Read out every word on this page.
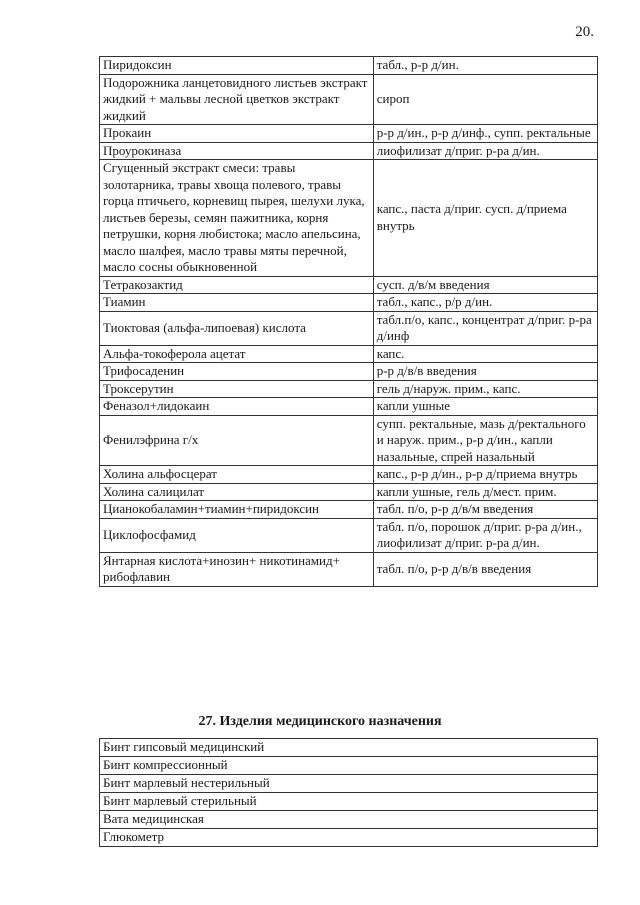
20.
Пиридоксин	табл., р-р д/ин.
Подорожника ланцетовидного листьев экстракт жидкий + мальвы лесной цветков экстракт жидкий	сироп
Прокаин	р-р д/ин., р-р д/инф., супп. ректальные
Проурокиназа	лиофилизат д/приг. р-ра д/ин.
Сгущенный экстракт смеси: травы золотарника, травы хвоща полевого, травы горца птичьего, корневищ пырея, шелухи лука, листьев березы, семян пажитника, корня петрушки, корня любистока; масло апельсина, масло шалфея, масло травы мяты перечной, масло сосны обыкновенной	капс., паста д/приг. сусп. д/приема внутрь
Тетракозактид	сусп. д/в/м введения
Тиамин	табл., капс., р/р д/ин.
Тиоктовая (альфа-липоевая) кислота	табл.п/о, капс., концентрат д/приг. р-ра д/инф
Альфа-токоферола ацетат	капс.
Трифосаденин	р-р д/в/в введения
Троксерутин	гель д/наруж. прим., капс.
Феназол+лидокаин	капли ушные
Фенилэфрина г/х	супп. ректальные, мазь д/ректального и наруж. прим., р-р д/ин., капли назальные, спрей назальный
Холина альфосцерат	капс., р-р д/ин., р-р д/приема внутрь
Холина салицилат	капли ушные, гель д/мест. прим.
Цианокобаламин+тиамин+пиридоксин	табл. п/о, р-р д/в/м введения
Циклофосфамид	табл. п/о, порошок д/приг. р-ра д/ин., лиофилизат д/приг. р-ра д/ин.
Янтарная кислота+инозин+ никотинамид+ рибофлавин	табл. п/о, р-р д/в/в введения
27. Изделия медицинского назначения
Бинт гипсовый медицинский
Бинт компрессионный
Бинт марлевый нестерильный
Бинт марлевый стерильный
Вата медицинская
Глюкометр
